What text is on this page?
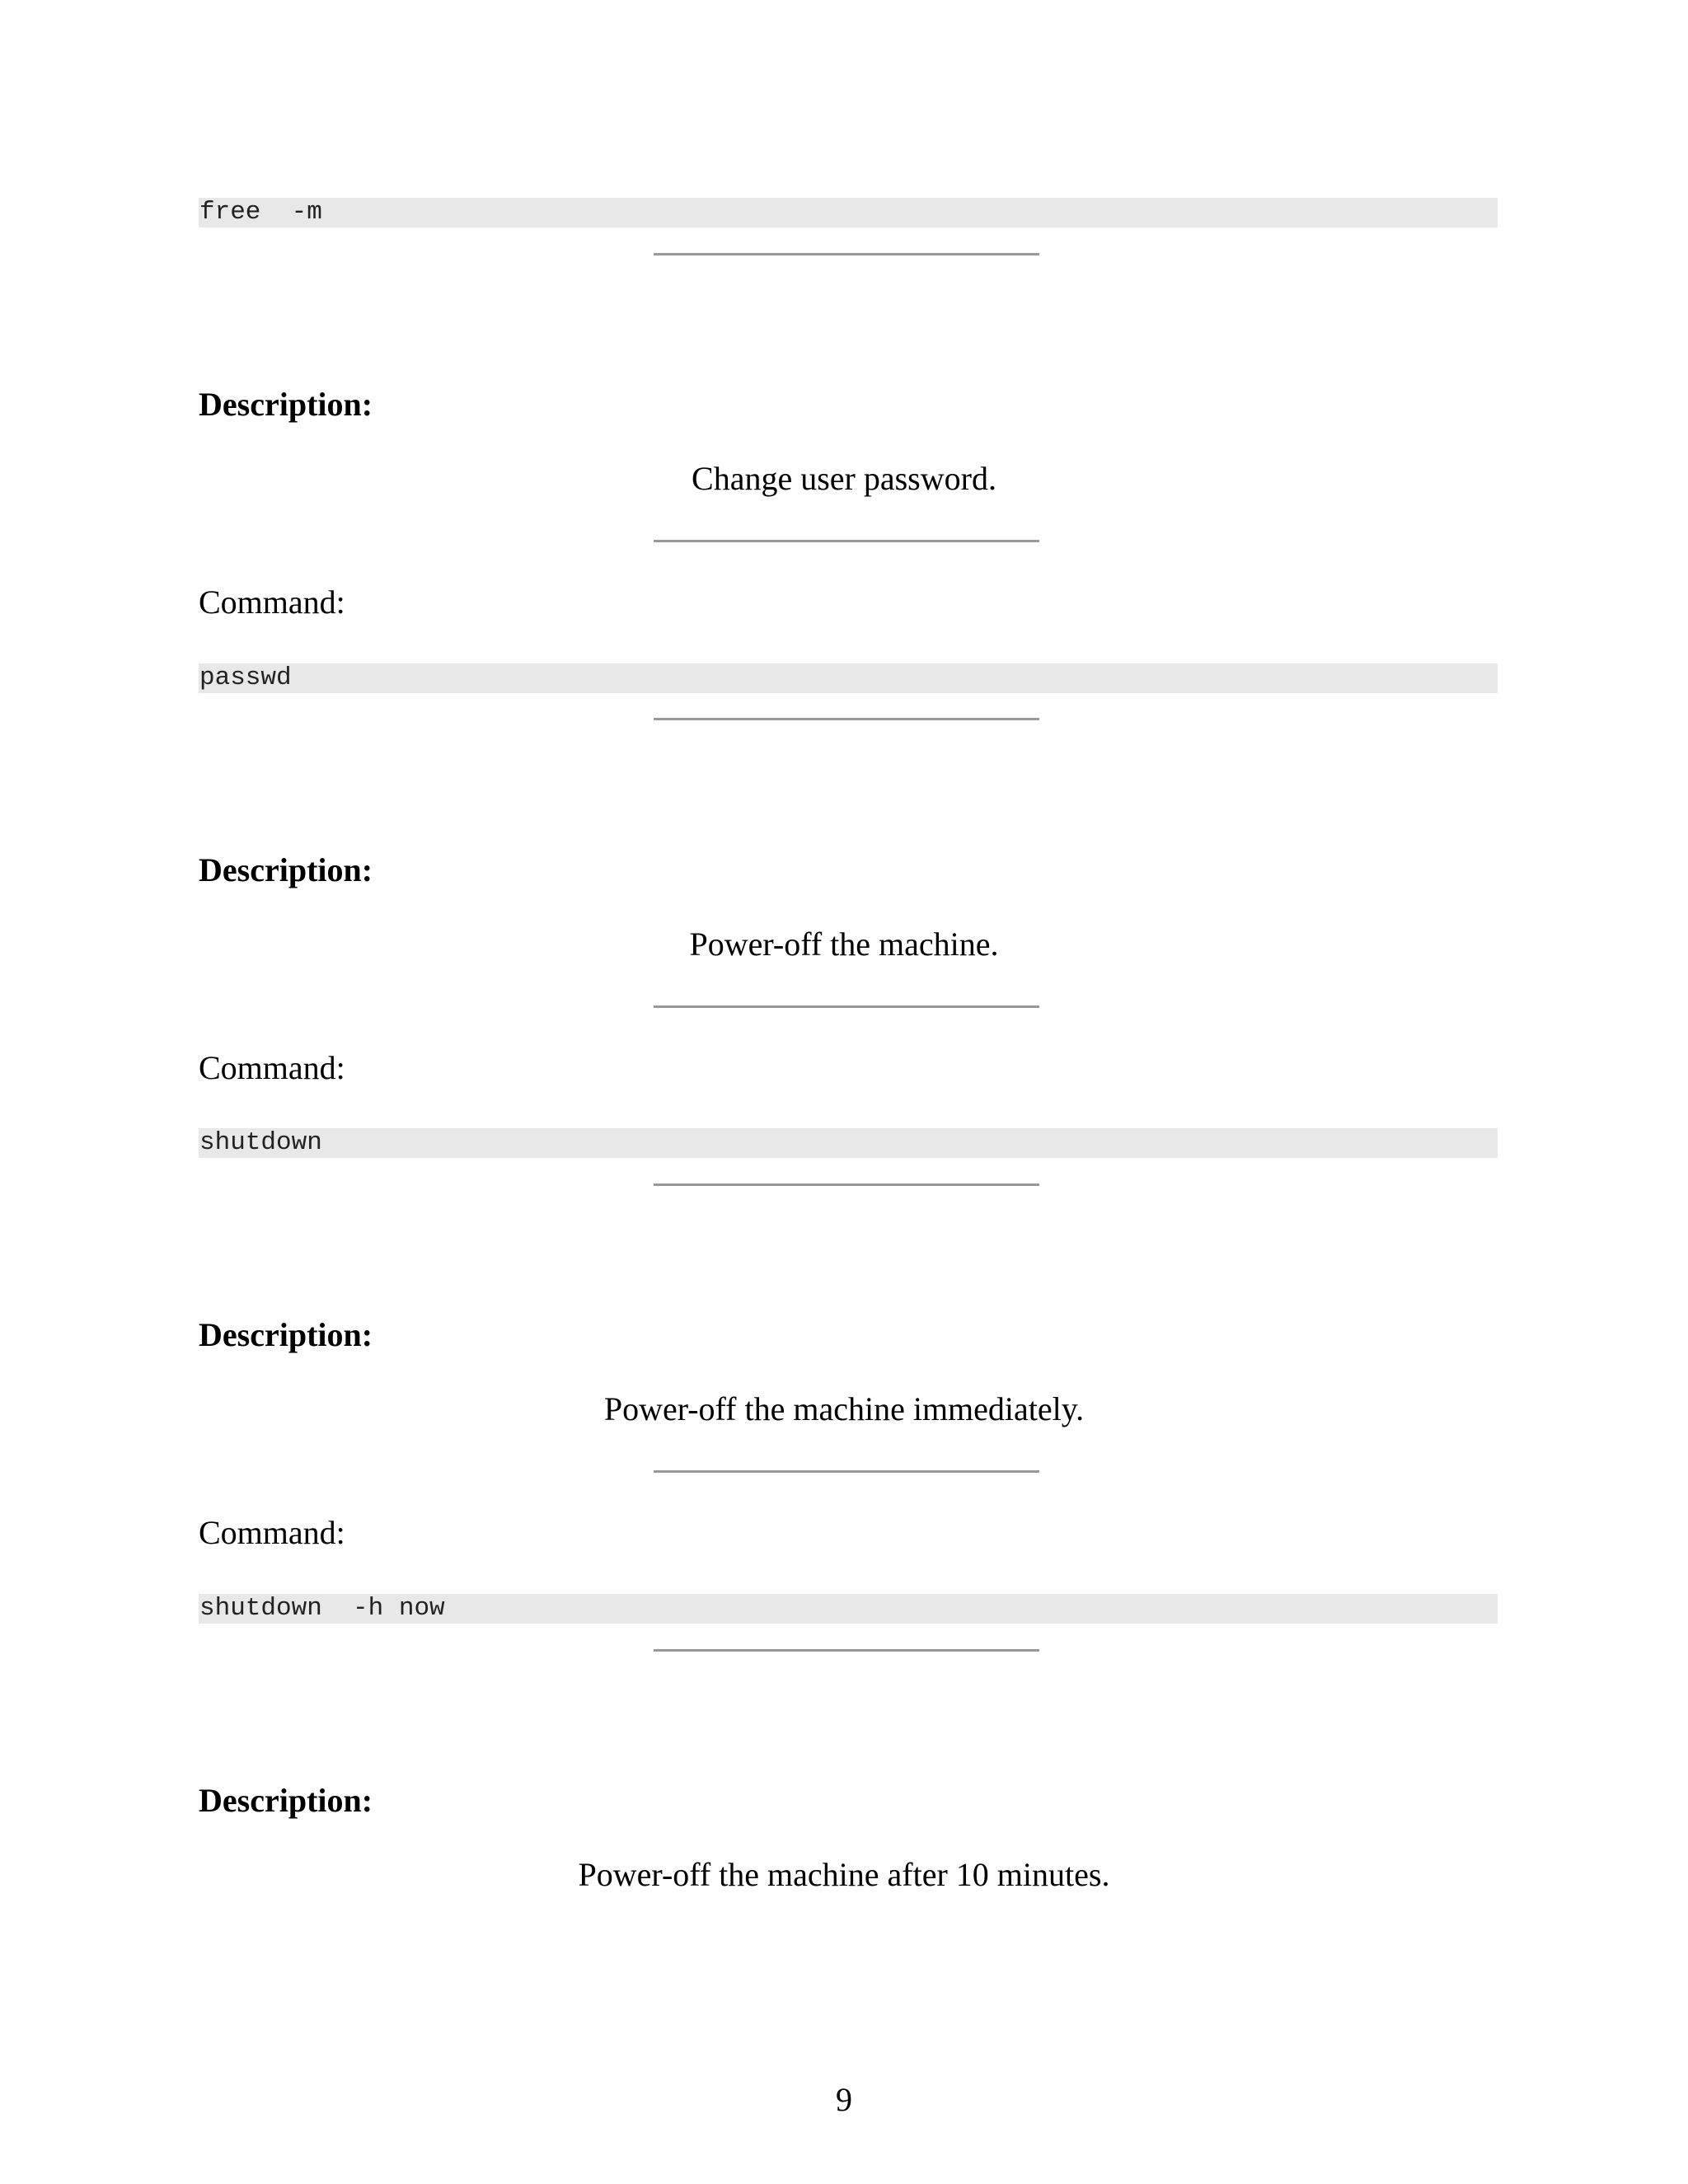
free  -m
Description:
Change user password.
Command:
passwd
Description:
Power-off the machine.
Command:
shutdown
Description:
Power-off the machine immediately.
Command:
shutdown  -h now
Description:
Power-off the machine after 10 minutes.
9
